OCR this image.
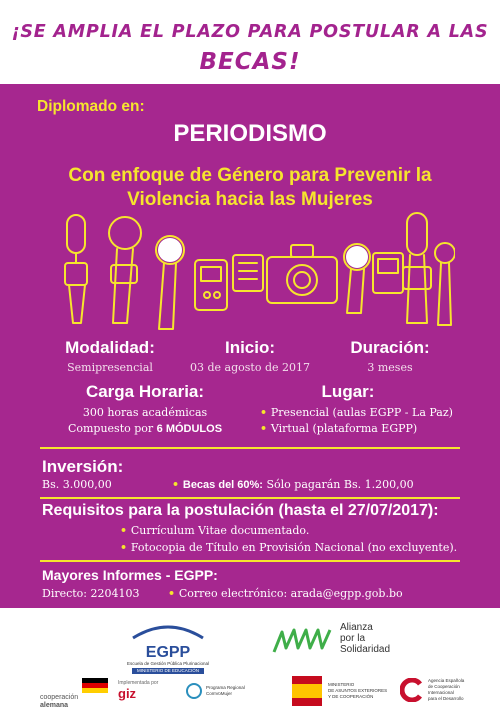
¡SE AMPLIA EL PLAZO PARA POSTULAR A LAS
BECAS!
Diplomado en:
PERIODISMO
Con enfoque de Género para Prevenir la
Violencia hacia las Mujeres
Modalidad:
Semipresencial
Inicio:
03 de agosto de 2017
Duración:
3 meses
Carga Horaria:
300 horas académicas
Compuesto por 6 MÓDULOS
Lugar:
• Presencial (aulas EGPP - La Paz)
• Virtual (plataforma EGPP)
Inversión:
Bs. 3.000,00	• Becas del 60%: Sólo pagarán Bs. 1.200,00
Requisitos para la postulación (hasta el 27/07/2017):
• Currículum Vitae documentado.
• Fotocopia de Título en Provisión Nacional (no excluyente).
Mayores Informes - EGPP:
Directo: 2204103	• Correo electrónico: arada@egpp.gob.bo
EGPP
Escuela de Gestión Pública Plurinacional
MINISTERIO DE EDUCACIÓN
Alianza
por la
Solidaridad
cooperación
alemana
Implementada por
giz	Programa Regional
ComVoMujer
MINISTERIO
DE ASUNTOS EXTERIORES
Y DE COOPERACIÓN
Agencia Española
de Cooperación
Internacional
para el Desarrollo
